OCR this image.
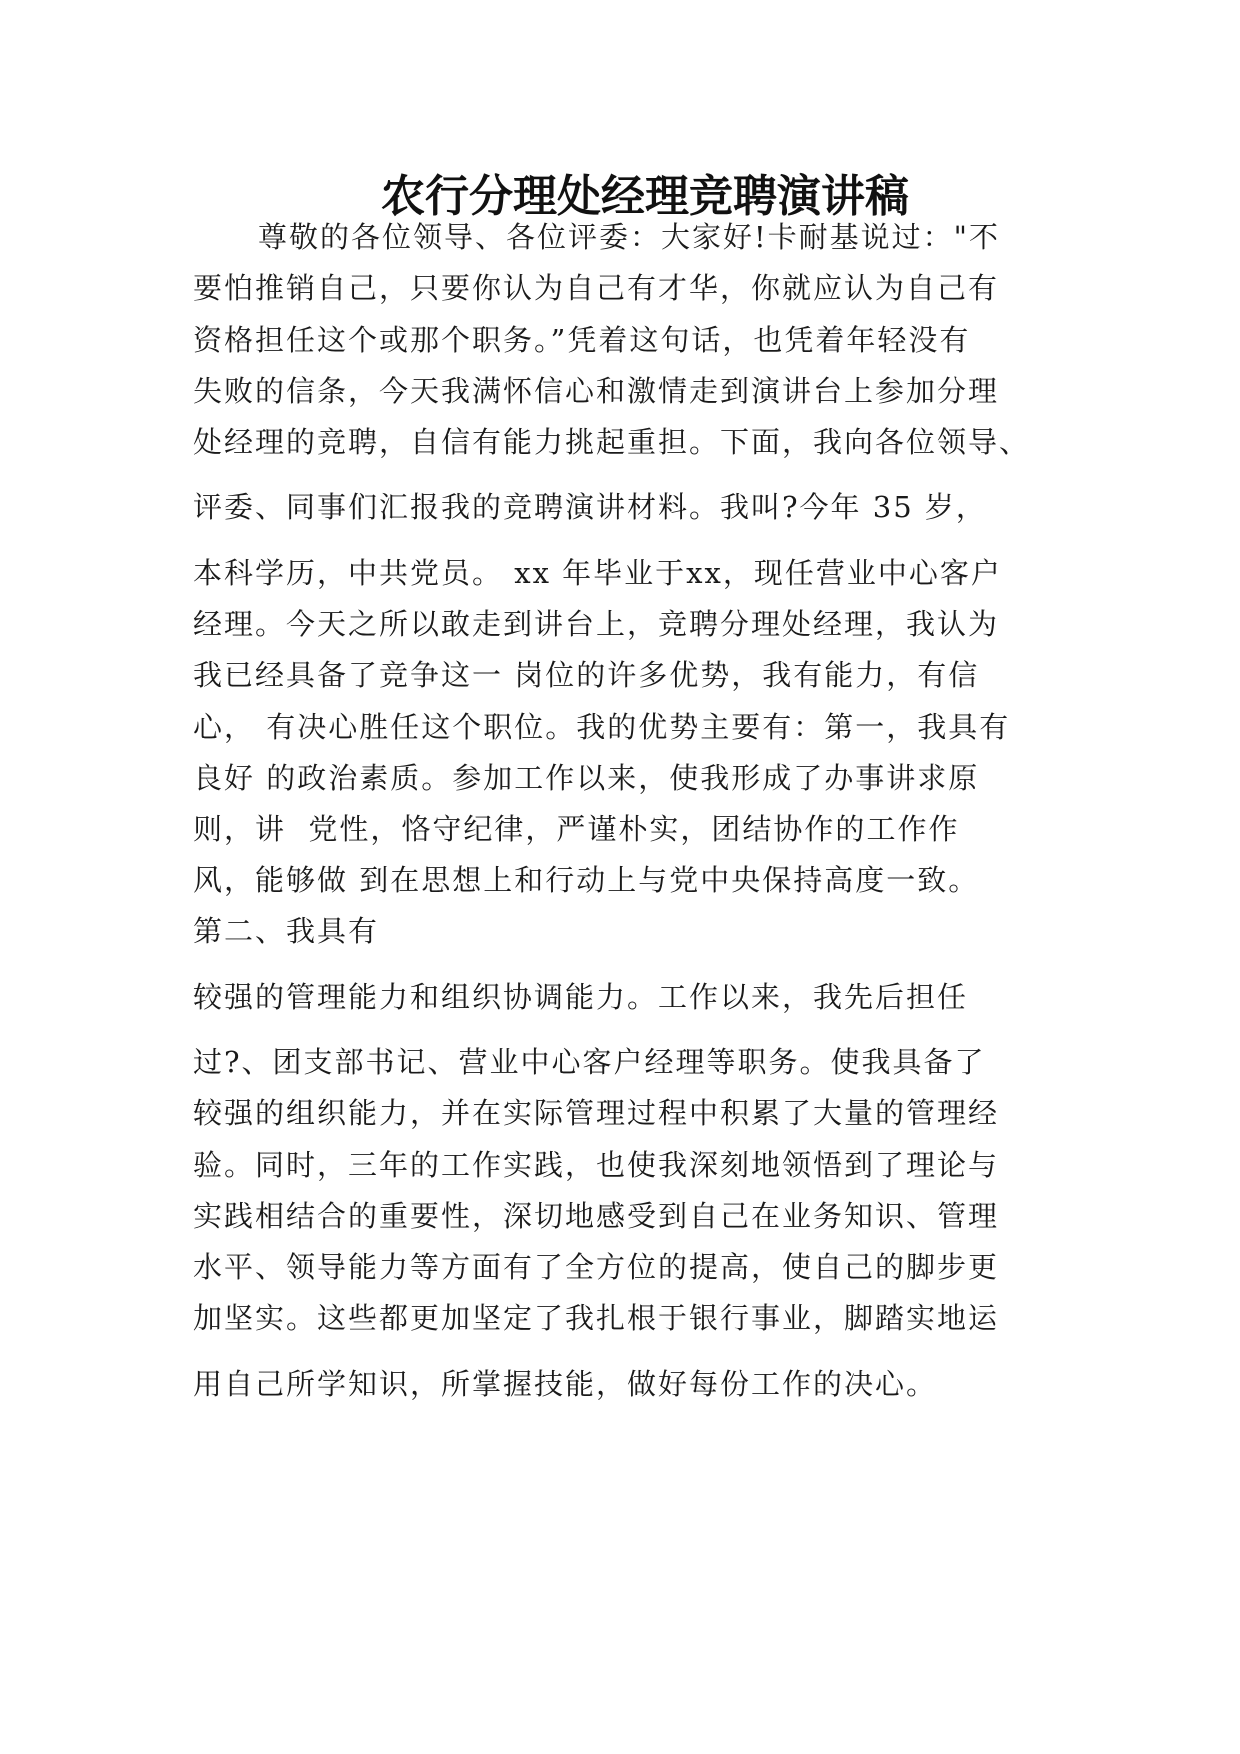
农行分理处经理竞聘演讲稿
尊敬的各位领导、各位评委：大家好!卡耐基说过："不
要怕推销自己，只要你认为自己有才华，你就应认为自己有
资格担任这个或那个职务。”凭着这句话，也凭着年轻没有
失败的信条，今天我满怀信心和激情走到演讲台上参加分理
处经理的竞聘，自信有能力挑起重担。下面，我向各位领导、
评委、同事们汇报我的竞聘演讲材料。我叫?今年 35 岁，
本科学历，中共党员。 xx 年毕业于xx，现任营业中心客户
经理。今天之所以敢走到讲台上，竞聘分理处经理，我认为
我已经具备了竞争这一 岗位的许多优势，我有能力，有信
心， 有决心胜任这个职位。我的优势主要有：第一，我具有
良好 的政治素质。参加工作以来，使我形成了办事讲求原
则，讲  党性，恪守纪律，严谨朴实，团结协作的工作作
风，能够做 到在思想上和行动上与党中央保持高度一致。
第二、我具有
较强的管理能力和组织协调能力。工作以来，我先后担任
过?、团支部书记、营业中心客户经理等职务。使我具备了
较强的组织能力，并在实际管理过程中积累了大量的管理经
验。同时，三年的工作实践，也使我深刻地领悟到了理论与
实践相结合的重要性，深切地感受到自己在业务知识、管理
水平、领导能力等方面有了全方位的提高，使自己的脚步更
加坚实。这些都更加坚定了我扎根于银行事业，脚踏实地运
用自己所学知识，所掌握技能，做好每份工作的决心。
